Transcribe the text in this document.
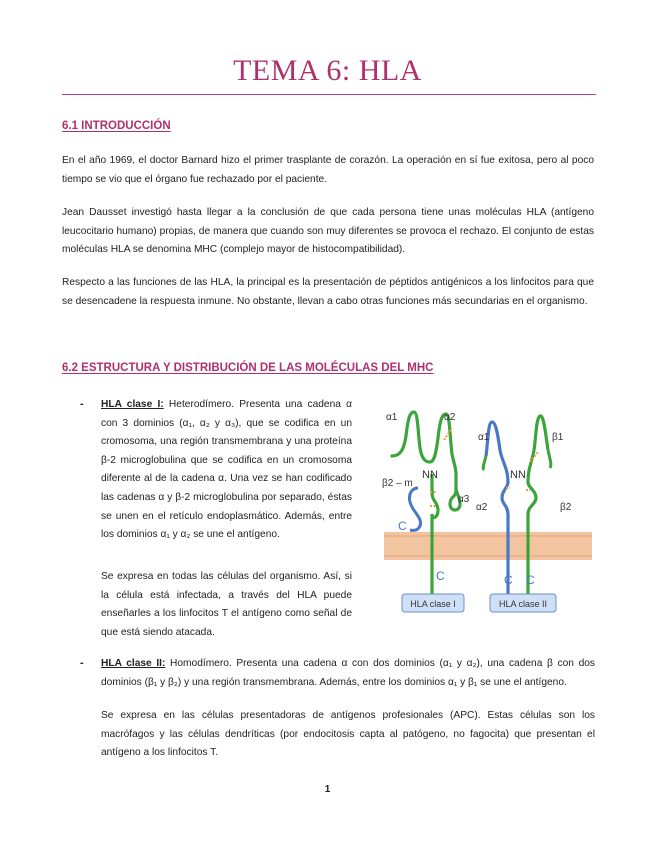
TEMA 6: HLA
6.1 INTRODUCCIÓN
En el año 1969, el doctor Barnard hizo el primer trasplante de corazón. La operación en sí fue exitosa, pero al poco tiempo se vio que el órgano fue rechazado por el paciente.
Jean Dausset investigó hasta llegar a la conclusión de que cada persona tiene unas moléculas HLA (antígeno leucocitario humano) propias, de manera que cuando son muy diferentes se provoca el rechazo. El conjunto de estas moléculas HLA se denomina MHC (complejo mayor de histocompatibilidad).
Respecto a las funciones de las HLA, la principal es la presentación de péptidos antigénicos a los linfocitos para que se desencadene la respuesta inmune. No obstante, llevan a cabo otras funciones más secundarias en el organismo.
6.2 ESTRUCTURA Y DISTRIBUCIÓN DE LAS MOLÉCULAS DEL MHC
- HLA clase I: Heterodímero. Presenta una cadena α con 3 dominios (α₁, α₂ y α₃), que se codifica en un cromosoma, una región transmembrana y una proteína β-2 microglobulina que se codifica en un cromosoma diferente al de la cadena α. Una vez se han codificado las cadenas α y β-2 microglobulina por separado, éstas se unen en el retículo endoplasmático. Además, entre los dominios α₁ y α₂ se une el antígeno.
Se expresa en todas las células del organismo. Así, si la célula está infectada, a través del HLA puede enseñarles a los linfocitos T el antígeno como señal de que está siendo atacada.
- HLA clase II: Homodímero. Presenta una cadena α con dos dominios (α₁ y α₂), una cadena β con dos dominios (β₁ y β₂) y una región transmembrana. Además, entre los dominios α₁ y β₁ se une el antígeno.
Se expresa en las células presentadoras de antígenos profesionales (APC). Estas células son los macrófagos y las células dendríticas (por endocitosis capta al patógeno, no fagocita) que presentan el antígeno a los linfocitos T.
α1	α2
NN
β2 – m
α3
C
C
α1	β1
NN
α2	β2
C C
HLA clase I	HLA clase II
1
